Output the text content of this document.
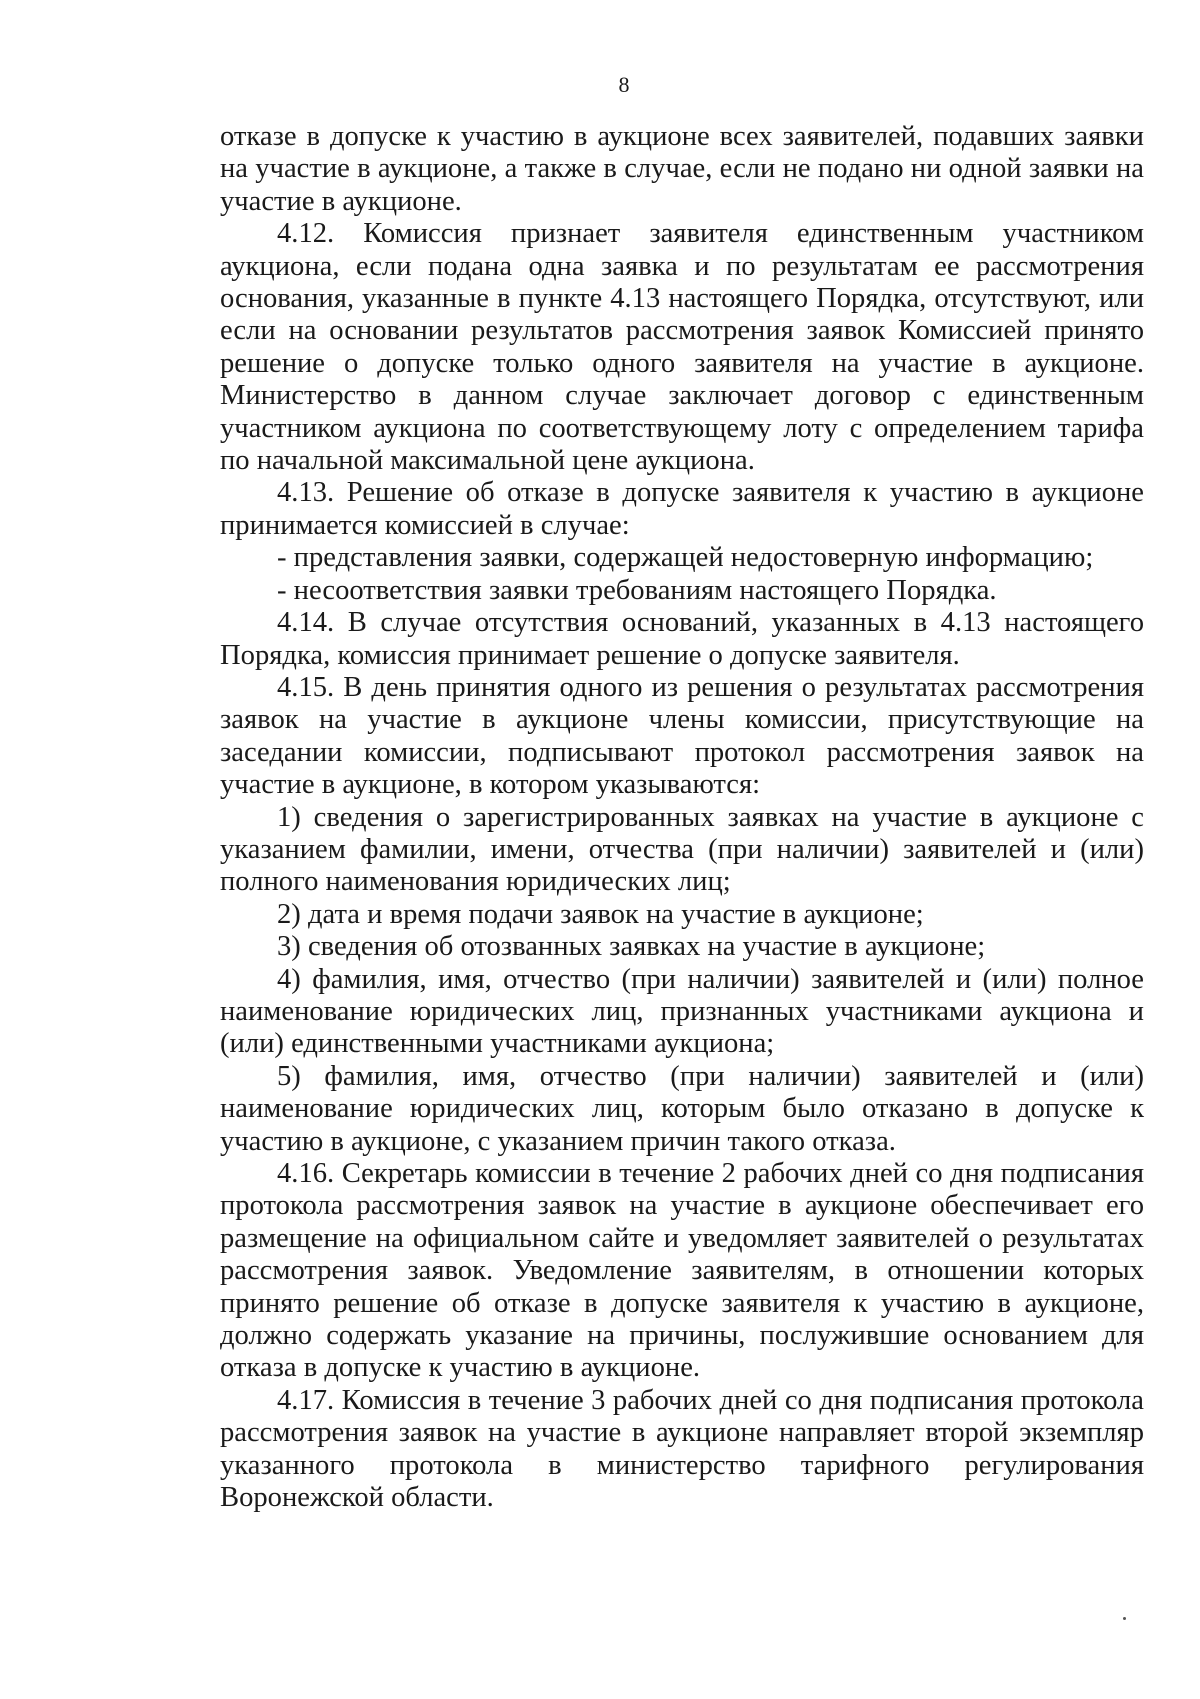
8

отказе в допуске к участию в аукционе всех заявителей, подавших заявки на участие в аукционе, а также в случае, если не подано ни одной заявки на участие в аукционе.

4.12. Комиссия признает заявителя единственным участником аукциона, если подана одна заявка и по результатам ее рассмотрения основания, указанные в пункте 4.13 настоящего Порядка, отсутствуют, или если на основании результатов рассмотрения заявок Комиссией принято решение о допуске только одного заявителя на участие в аукционе. Министерство в данном случае заключает договор с единственным участником аукциона по соответствующему лоту с определением тарифа по начальной максимальной цене аукциона.

4.13. Решение об отказе в допуске заявителя к участию в аукционе принимается комиссией в случае:

- представления заявки, содержащей недостоверную информацию;

- несоответствия заявки требованиям настоящего Порядка.

4.14. В случае отсутствия оснований, указанных в 4.13 настоящего Порядка, комиссия принимает решение о допуске заявителя.

4.15. В день принятия одного из решения о результатах рассмотрения заявок на участие в аукционе члены комиссии, присутствующие на заседании комиссии, подписывают протокол рассмотрения заявок на участие в аукционе, в котором указываются:

1) сведения о зарегистрированных заявках на участие в аукционе с указанием фамилии, имени, отчества (при наличии) заявителей и (или) полного наименования юридических лиц;

2) дата и время подачи заявок на участие в аукционе;

3) сведения об отозванных заявках на участие в аукционе;

4) фамилия, имя, отчество (при наличии) заявителей и (или) полное наименование юридических лиц, признанных участниками аукциона и (или) единственными участниками аукциона;

5) фамилия, имя, отчество (при наличии) заявителей и (или) наименование юридических лиц, которым было отказано в допуске к участию в аукционе, с указанием причин такого отказа.

4.16. Секретарь комиссии в течение 2 рабочих дней со дня подписания протокола рассмотрения заявок на участие в аукционе обеспечивает его размещение на официальном сайте и уведомляет заявителей о результатах рассмотрения заявок. Уведомление заявителям, в отношении которых принято решение об отказе в допуске заявителя к участию в аукционе, должно содержать указание на причины, послужившие основанием для отказа в допуске к участию в аукционе.

4.17. Комиссия в течение 3 рабочих дней со дня подписания протокола рассмотрения заявок на участие в аукционе направляет второй экземпляр указанного протокола в министерство тарифного регулирования Воронежской области.
